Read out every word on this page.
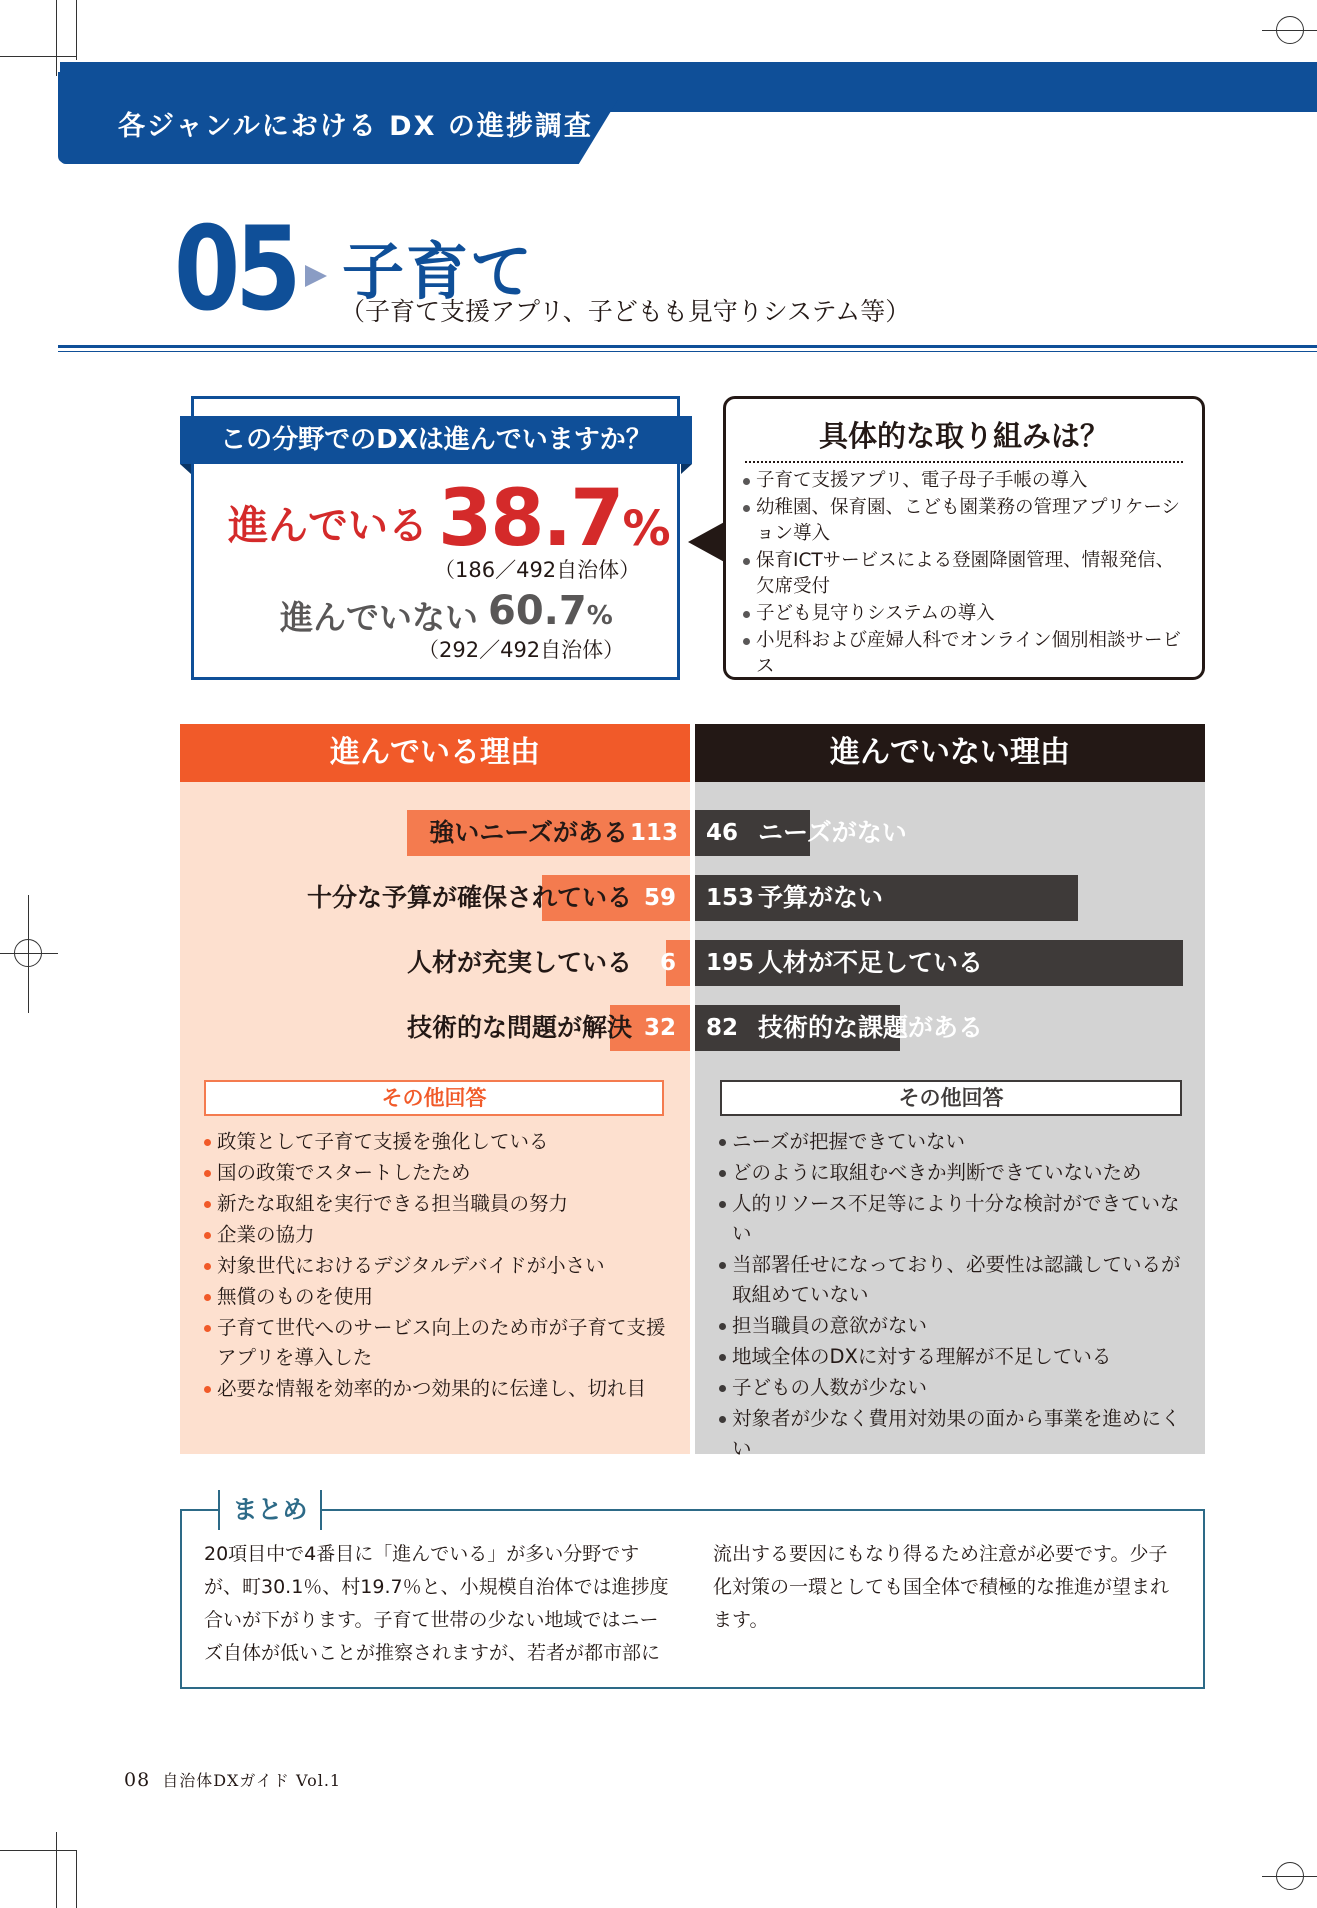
各ジャンルにおける DX の進捗調査
05 子育て
（子育て支援アプリ、子どもも見守りシステム等）
この分野でのDXは進んでいますか？
進んでいる 38.7%
（186／492自治体）
進んでいない 60.7%
（292／492自治体）
具体的な取り組みは？
子育て支援アプリ、電子母子手帳の導入
幼稚園、保育園、こども園業務の管理アプリケーション導入
保育ICTサービスによる登園降園管理、情報発信、欠席受付
子ども見守りシステムの導入
小児科および産婦人科でオンライン個別相談サービス
進んでいる理由	進んでいない理由
強いニーズがある
十分な予算が確保されている
人材が充実している
技術的な問題が解決
113
59
6
32
46
153
195
82
ニーズがない
予算がない
人材が不足している
技術的な課題がある
その他回答	その他回答
政策として子育て支援を強化している
国の政策でスタートしたため
新たな取組を実行できる担当職員の努力
企業の協力
対象世代におけるデジタルデバイドが小さい
無償のものを使用
子育て世代へのサービス向上のため市が子育て支援アプリを導入した
必要な情報を効率的かつ効果的に伝達し、切れ目
ニーズが把握できていない
どのように取組むべきか判断できていないため
人的リソース不足等により十分な検討ができていない
当部署任せになっており、必要性は認識しているが取組めていない
担当職員の意欲がない
地域全体のDXに対する理解が不足している
子どもの人数が少ない
対象者が少なく費用対効果の面から事業を進めにくい
まとめ
20項目中で4番目に「進んでいる」が多い分野ですが、町30.1％、村19.7％と、小規模自治体では進捗度合いが下がります。子育て世帯の少ない地域ではニーズ自体が低いことが推察されますが、若者が都市部に
流出する要因にもなり得るため注意が必要です。少子化対策の一環としても国全体で積極的な推進が望まれます。
08 自治体DXガイド Vol.1
